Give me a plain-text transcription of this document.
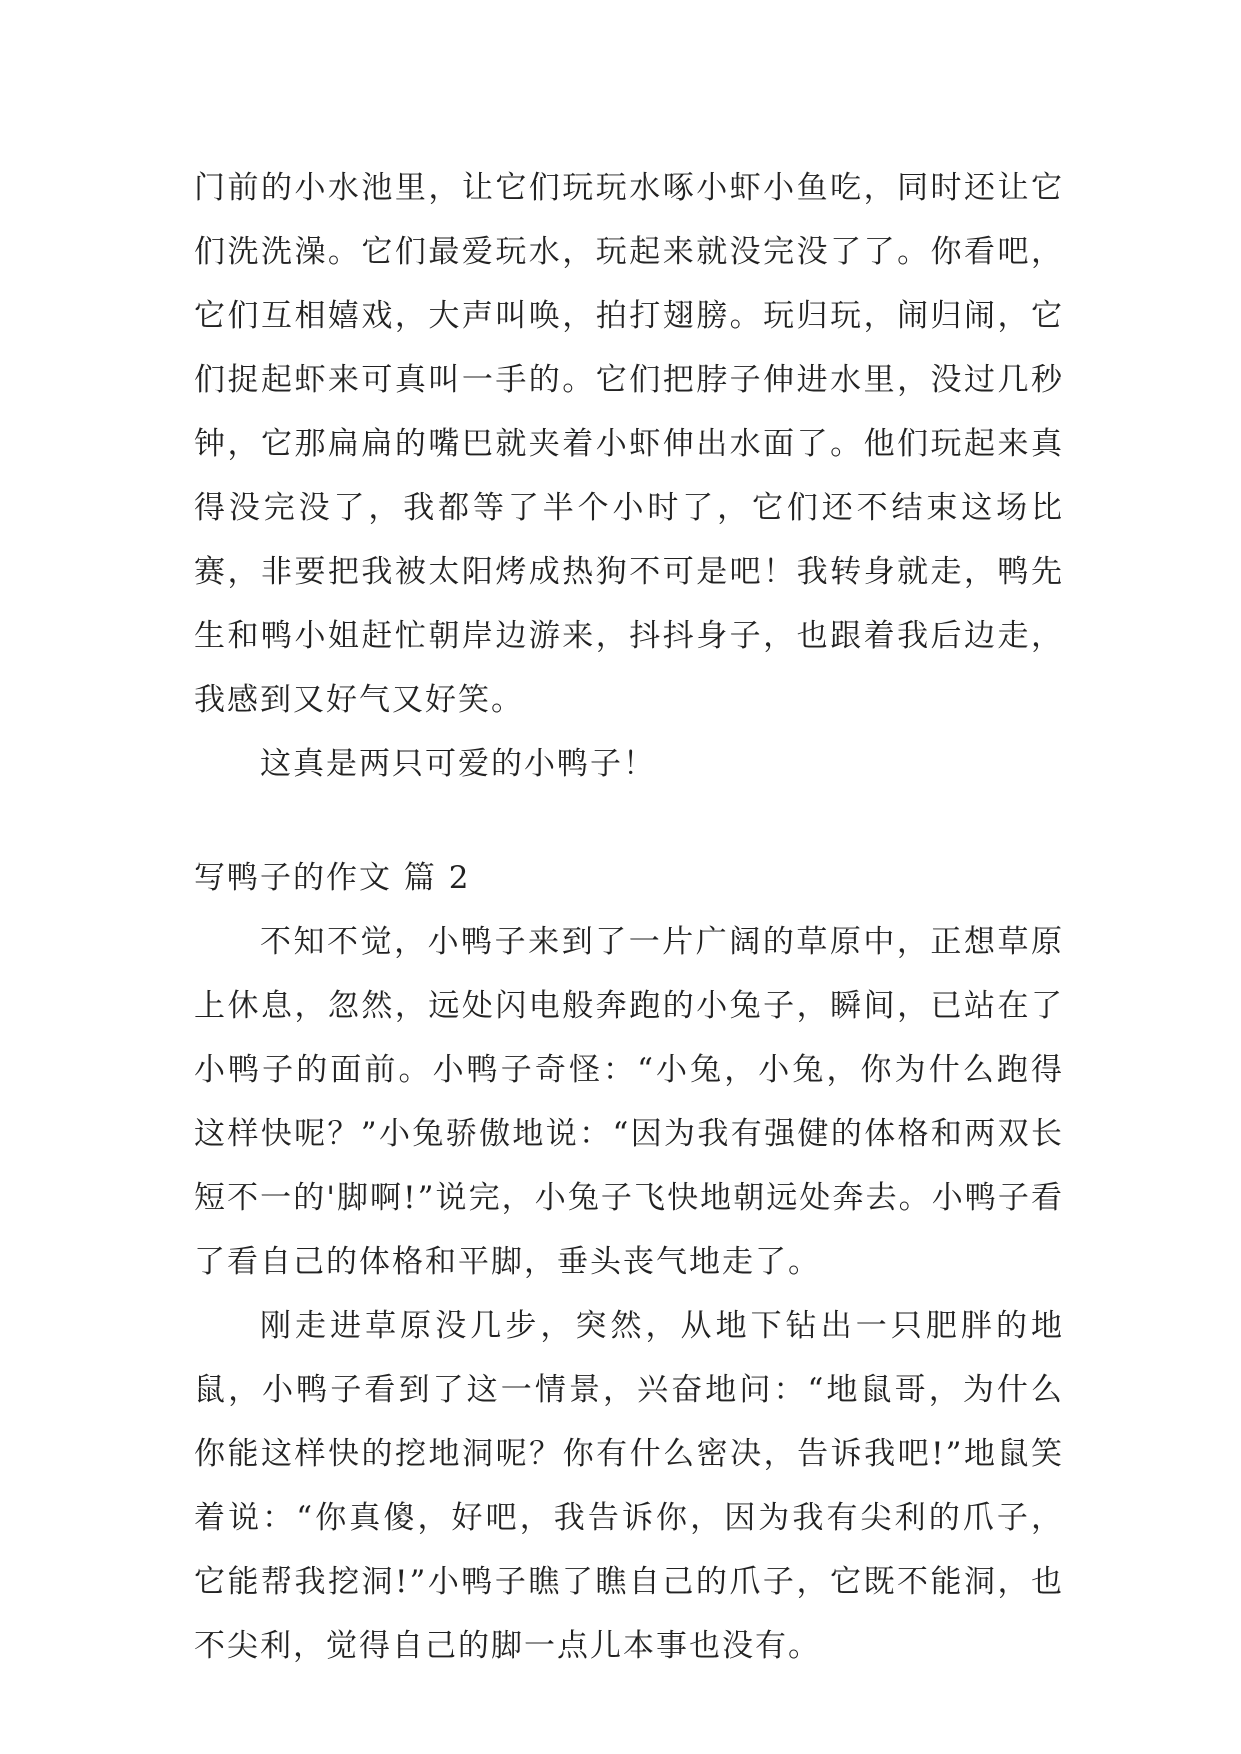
门前的小水池里，让它们玩玩水啄小虾小鱼吃，同时还让它们洗洗澡。它们最爱玩水，玩起来就没完没了了。你看吧，它们互相嬉戏，大声叫唤，拍打翅膀。玩归玩，闹归闹，它们捉起虾来可真叫一手的。它们把脖子伸进水里，没过几秒钟，它那扁扁的嘴巴就夹着小虾伸出水面了。他们玩起来真得没完没了，我都等了半个小时了，它们还不结束这场比赛，非要把我被太阳烤成热狗不可是吧！我转身就走，鸭先生和鸭小姐赶忙朝岸边游来，抖抖身子，也跟着我后边走，我感到又好气又好笑。

这真是两只可爱的小鸭子！

写鸭子的作文 篇 2

不知不觉，小鸭子来到了一片广阔的草原中，正想草原上休息，忽然，远处闪电般奔跑的小兔子，瞬间，已站在了小鸭子的面前。小鸭子奇怪：“小兔，小兔，你为什么跑得这样快呢？”小兔骄傲地说：“因为我有强健的体格和两双长短不一的'脚啊!”说完，小兔子飞快地朝远处奔去。小鸭子看了看自己的体格和平脚，垂头丧气地走了。

刚走进草原没几步，突然，从地下钻出一只肥胖的地鼠，小鸭子看到了这一情景，兴奋地问：“地鼠哥，为什么你能这样快的挖地洞呢？你有什么密决，告诉我吧!”地鼠笑着说：“你真傻，好吧，我告诉你，因为我有尖利的爪子，它能帮我挖洞!”小鸭子瞧了瞧自己的爪子，它既不能洞，也不尖利，觉得自己的脚一点儿本事也没有。
